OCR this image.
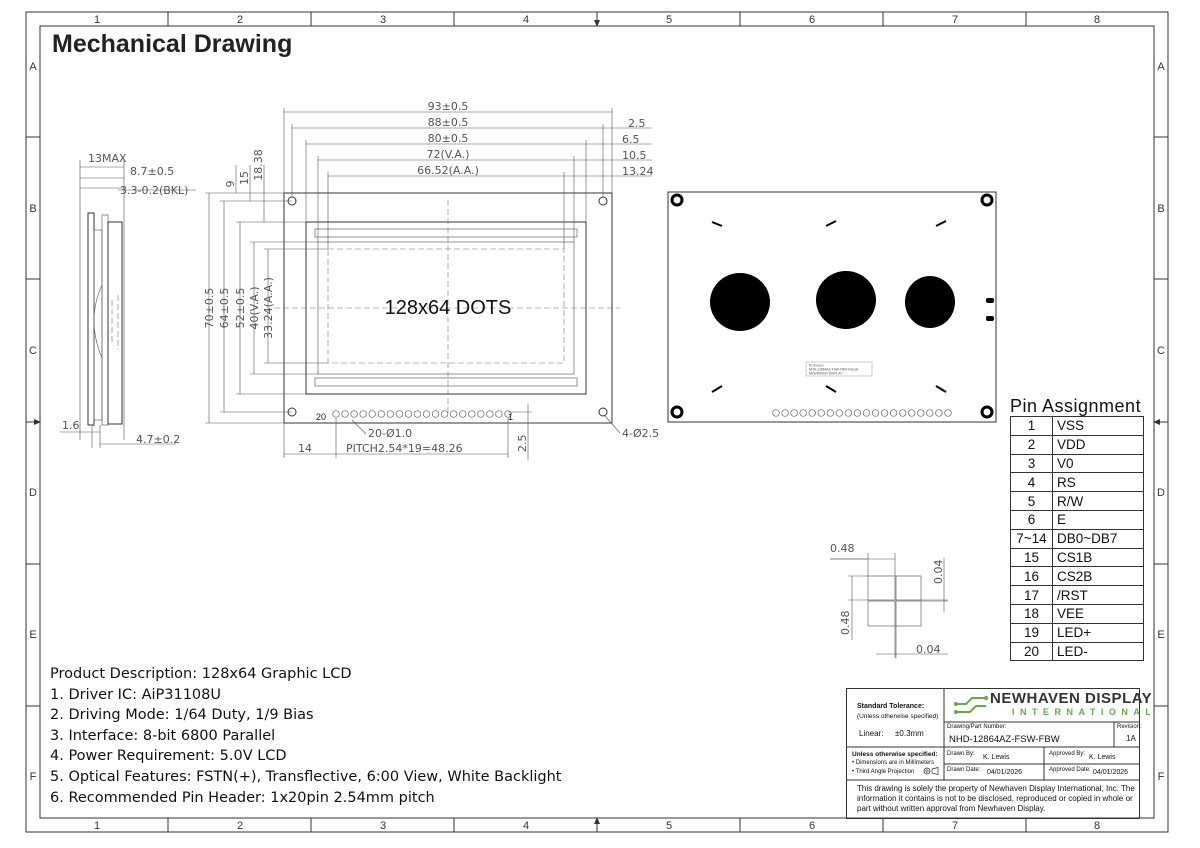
1	2	3	4	5	6	7	8
1	2	3	4	5	6	7	8
A
B
C
D
E
F
A
B
C
D
E
F
13MAX
8.7±0.5
3.3-0.2(BKL)
1.6
4.7±0.2
20	1
128x64 DOTS
93±0.5
88±0.5
80±0.5
72(V.A.)
66.52(A.A.)
2.5
6.5
10.5
13.24
70±0.5 64±0.5 52±0.5 40(V.A.) 33.24(A.A.)
9 15 18.38
14	PITCH2.54*19=48.26	2.5
20-Ø1.0	4-Ø2.5
PCxxxxxx
NHD-12864AZ-FSW-FBW Rev1A
NEWHAVEN DISPLAY
0.48
0.48
0.04
0.04
Mechanical Drawing
Product Description: 128x64 Graphic LCD
1. Driver IC: AiP31108U
2. Driving Mode: 1/64 Duty, 1/9 Bias
3. Interface: 8-bit 6800 Parallel
4. Power Requirement: 5.0V LCD
5. Optical Features: FSTN(+), Transflective, 6:00 View, White Backlight
6. Recommended Pin Header: 1x20pin 2.54mm pitch
Pin Assignment
1	VSS
2	VDD
3	V0
4	RS
5	R/W
6	E
7~14	DB0~DB7
15	CS1B
16	CS2B
17	/RST
18	VEE
19	LED+
20	LED-
Standard Tolerance:
(Unless otherwise specified)
Linear: ±0.3mm
Drawing/Part Number:
NHD-12864AZ-FSW-FBW
Revision:
1A
Unless otherwise specified:
• Dimensions are in Millimeters
• Third Angle Projection
Drawn By: K. Lewis	Approved By: K. Lewis
Drawn Date: 04/01/2026	Approved Date: 04/01/2026
This drawing is solely the property of Newhaven Display International, Inc. The information it contains is not to be disclosed, reproduced or copied in whole or part without written approval from Newhaven Display.
NEWHAVEN DISPLAY
INTERNATIONAL
